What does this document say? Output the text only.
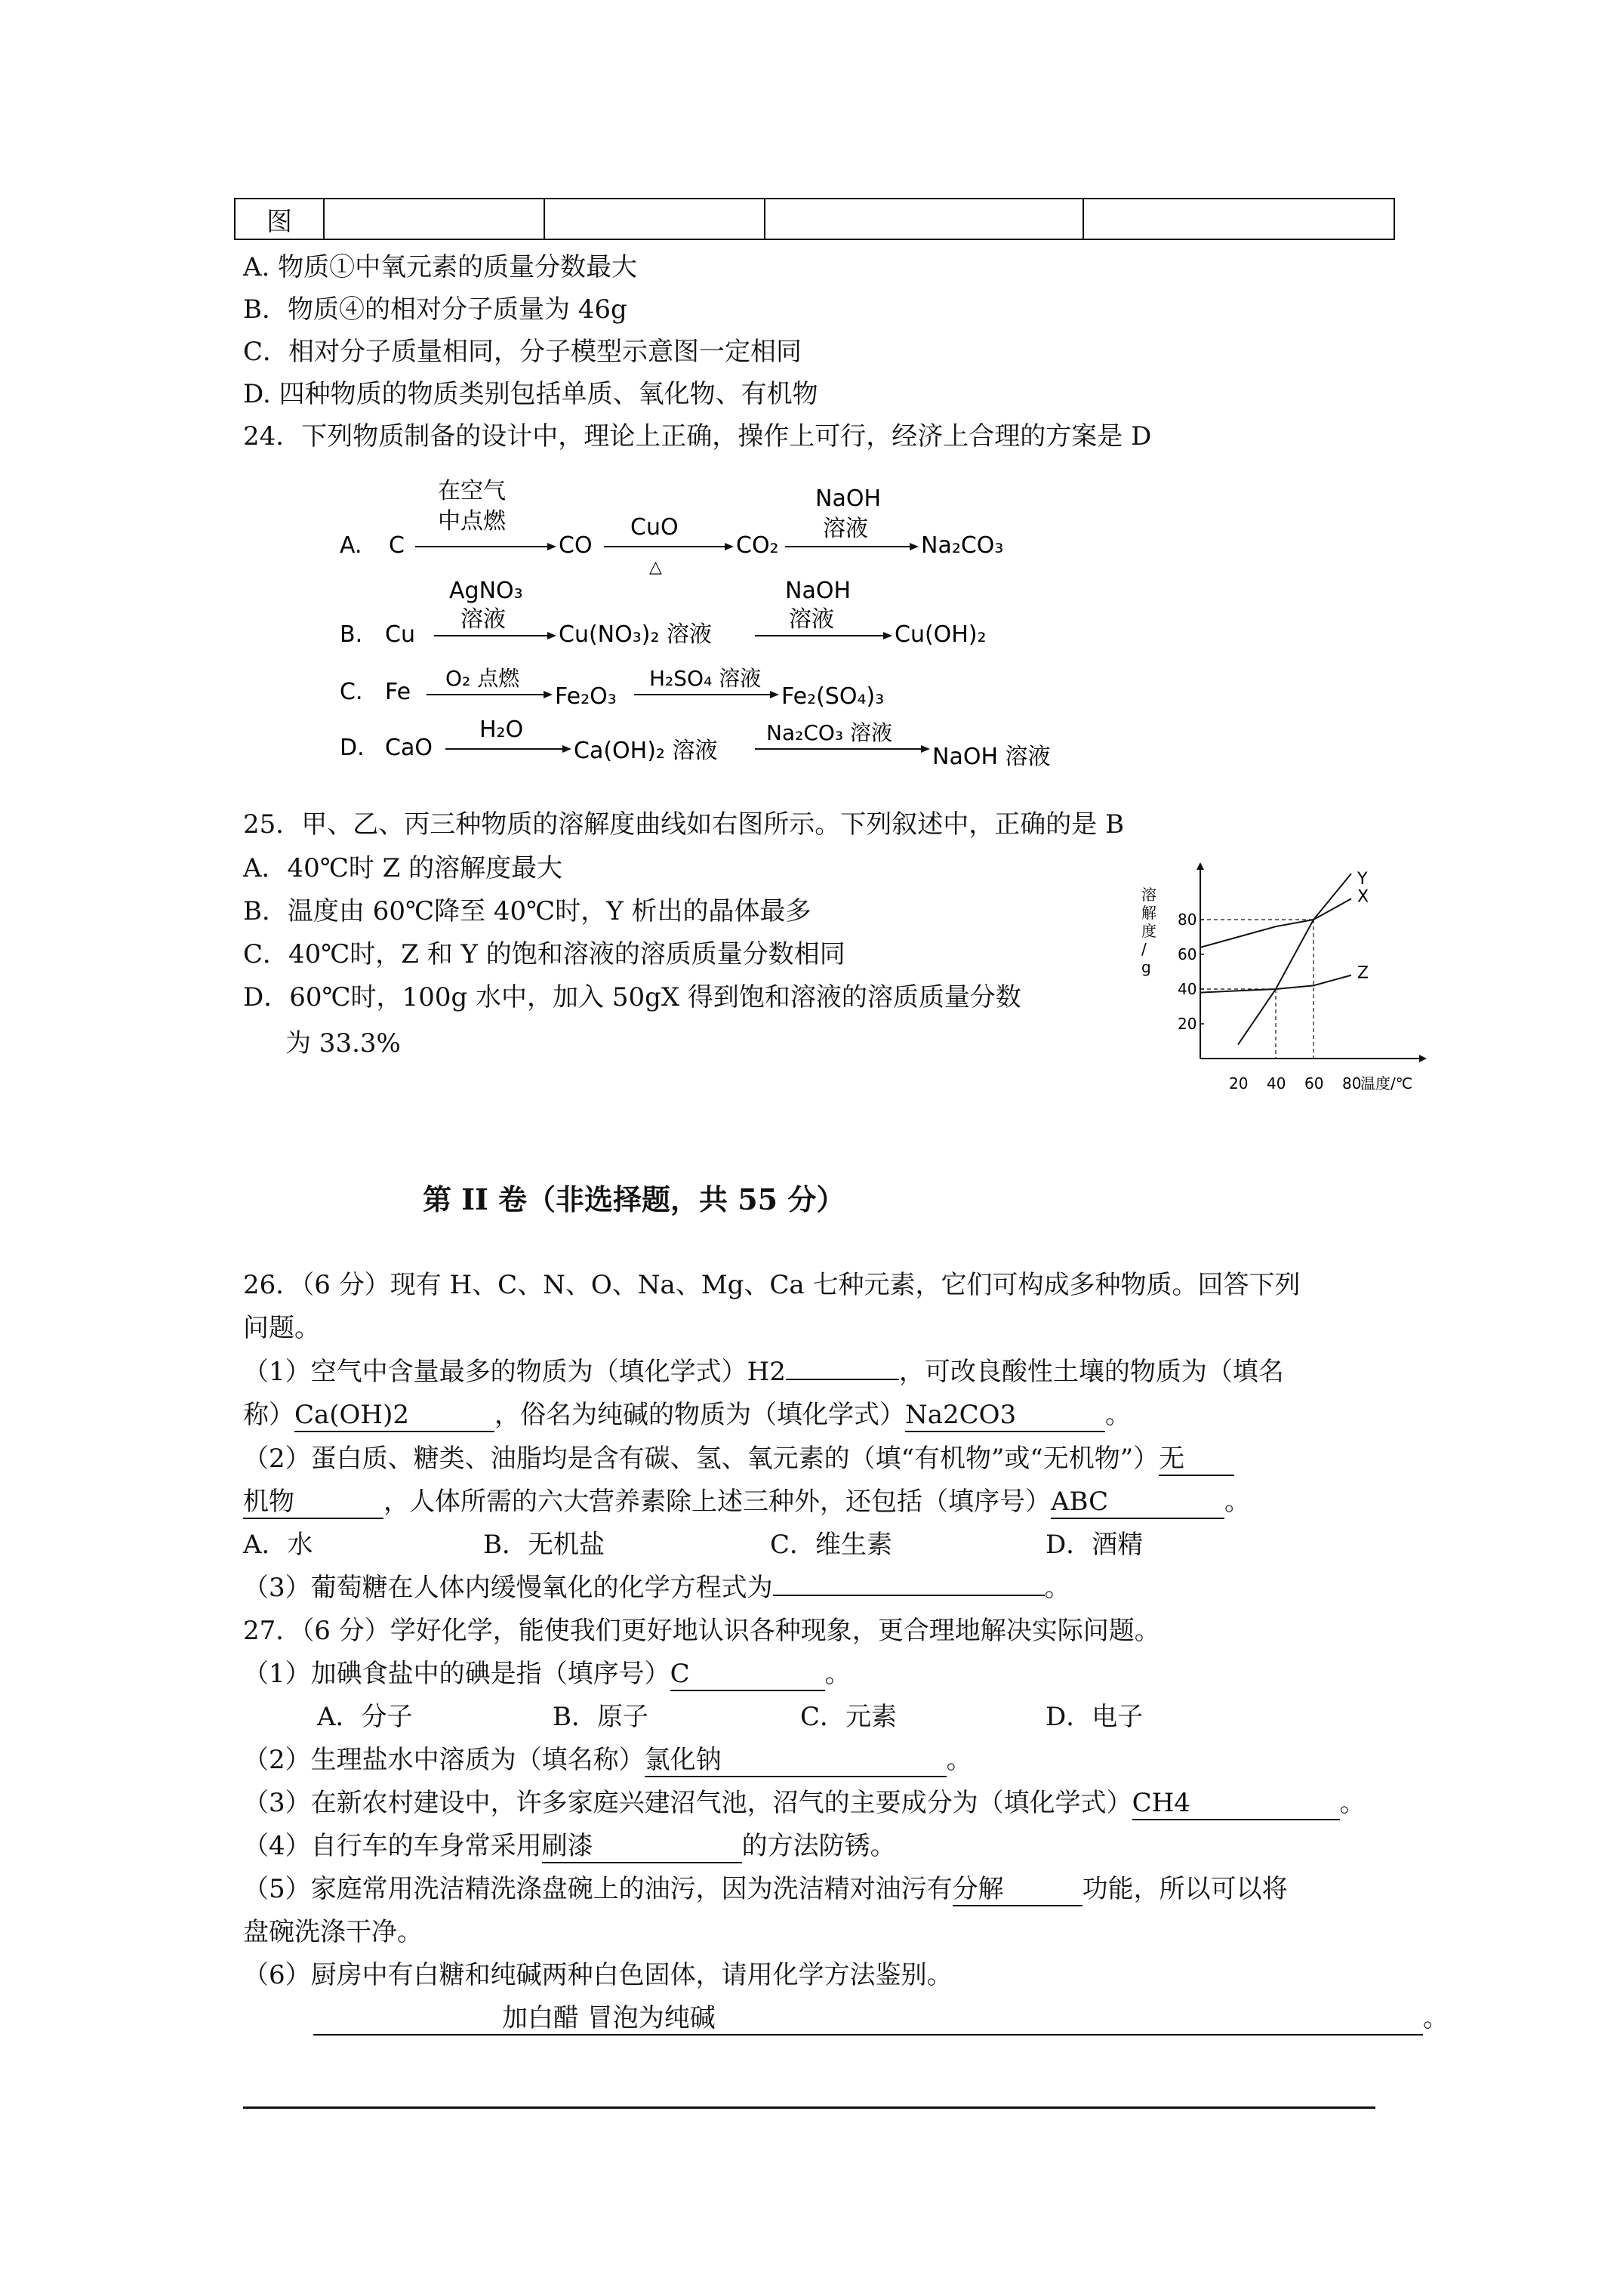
图				
A. 物质①中氧元素的质量分数最大
B．物质④的相对分子质量为 46g
C．相对分子质量相同，分子模型示意图一定相同
D. 四种物质的物质类别包括单质、氧化物、有机物
24．下列物质制备的设计中，理论上正确，操作上可行，经济上合理的方案是 D
A. C
在空气
中点燃
CO
CuO
△
CO₂
NaOH
溶液
Na₂CO₃
B. Cu
AgNO₃
溶液
Cu(NO₃)₂ 溶液
NaOH
溶液
Cu(OH)₂
C. Fe
O₂ 点燃
Fe₂O₃
H₂SO₄ 溶液
Fe₂(SO₄)₃
D. CaO
H₂O
Ca(OH)₂ 溶液
Na₂CO₃ 溶液
NaOH 溶液
25．甲、乙、丙三种物质的溶解度曲线如右图所示。下列叙述中，正确的是 B
A．40℃时 Z 的溶解度最大
B．温度由 60℃降至 40℃时，Y 析出的晶体最多
C．40℃时，Z 和 Y 的饱和溶液的溶质质量分数相同
D．60℃时，100g 水中，加入 50gX 得到饱和溶液的溶质质量分数
为 33.3%
溶
解
度
/
g
温度/℃
20 40 60 80
20
40
60
80
Y
X
Z
第 II 卷（非选择题，共 55 分）
26．（6 分）现有 H、C、N、O、Na、Mg、Ca 七种元素，它们可构成多种物质。回答下列
问题。
（1）空气中含量最多的物质为（填化学式）H2	，可改良酸性土壤的物质为（填名
称）Ca(OH)2	，俗名为纯碱的物质为（填化学式）Na2CO3	。
（2）蛋白质、糖类、油脂均是含有碳、氢、氧元素的（填“有机物”或“无机物”）无
机物	，人体所需的六大营养素除上述三种外，还包括（填序号）ABC	。
A．水	B．无机盐	C．维生素	D．酒精
（3）葡萄糖在人体内缓慢氧化的化学方程式为	。
27．（6 分）学好化学，能使我们更好地认识各种现象，更合理地解决实际问题。
（1）加碘食盐中的碘是指（填序号）C	。
A．分子	B．原子	C．元素	D．电子
（2）生理盐水中溶质为（填名称）氯化钠	。
（3）在新农村建设中，许多家庭兴建沼气池，沼气的主要成分为（填化学式）CH4	。
（4）自行车的车身常采用刷漆	的方法防锈。
（5）家庭常用洗洁精洗涤盘碗上的油污，因为洗洁精对油污有分解	功能，所以可以将
盘碗洗涤干净。
（6）厨房中有白糖和纯碱两种白色固体，请用化学方法鉴别。
加白醋 冒泡为纯碱	。
